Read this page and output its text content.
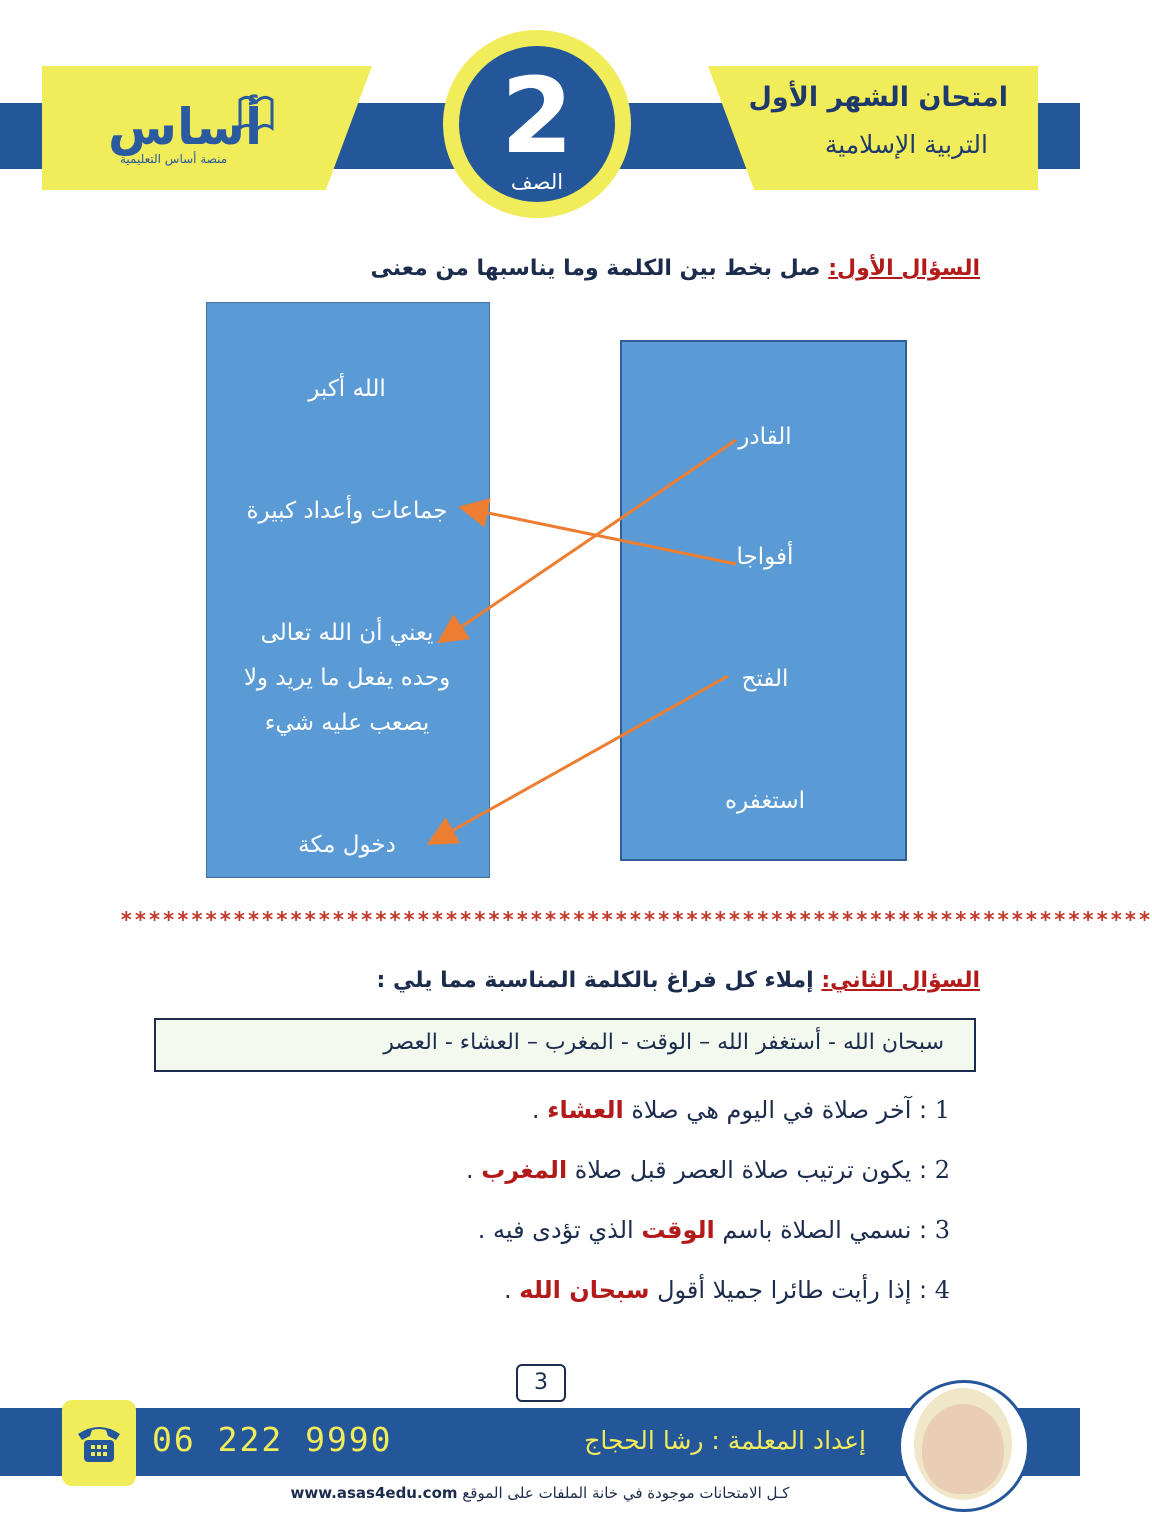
امتحان الشهر الأول
التربية الإسلامية
أساس
منصة أساس التعليمية	2
الصف
السؤال الأول: صل بخط بين الكلمة وما يناسبها من معنى
الله أكبر
جماعات وأعداد كبيرة
يعني أن الله تعالى
وحده يفعل ما يريد ولا
يصعب عليه شيء
دخول مكة
القادر
أفواجا
الفتح
استغفره
*************************************************************************
السؤال الثاني: إملاء كل فراغ بالكلمة المناسبة مما يلي :
سبحان الله - أستغفر الله – الوقت - المغرب – العشاء - العصر
1 : آخر صلاة في اليوم هي صلاة العشاء .
2 : يكون ترتيب صلاة العصر قبل صلاة المغرب .
3 : نسمي الصلاة باسم الوقت الذي تؤدى فيه .
4 : إذا رأيت طائرا جميلا أقول سبحان الله .
3
06 222 9990	إعداد المعلمة : رشا الحجاج
كـل الامتحانات موجودة في خانة الملفات على الموقع www.asas4edu.com
